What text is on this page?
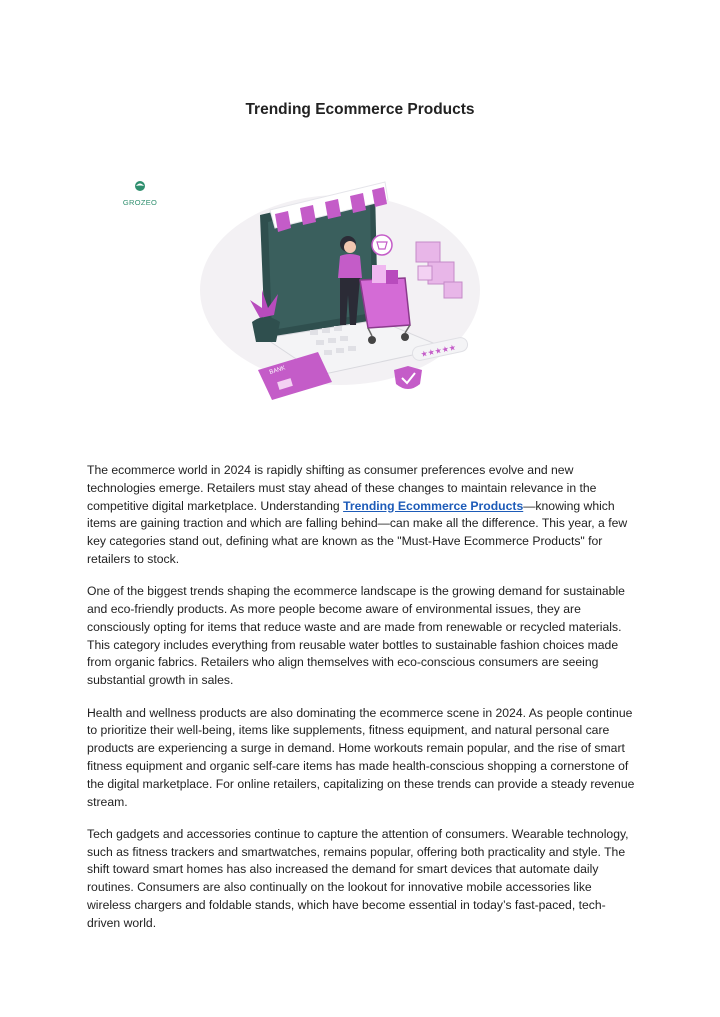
Trending Ecommerce Products
GROZEO
BANK
★★★★★

The ecommerce world in 2024 is rapidly shifting as consumer preferences evolve and new technologies emerge. Retailers must stay ahead of these changes to maintain relevance in the competitive digital marketplace. Understanding Trending Ecommerce Products—knowing which items are gaining traction and which are falling behind—can make all the difference. This year, a few key categories stand out, defining what are known as the "Must-Have Ecommerce Products" for retailers to stock.

One of the biggest trends shaping the ecommerce landscape is the growing demand for sustainable and eco-friendly products. As more people become aware of environmental issues, they are consciously opting for items that reduce waste and are made from renewable or recycled materials. This category includes everything from reusable water bottles to sustainable fashion choices made from organic fabrics. Retailers who align themselves with eco-conscious consumers are seeing substantial growth in sales.

Health and wellness products are also dominating the ecommerce scene in 2024. As people continue to prioritize their well-being, items like supplements, fitness equipment, and natural personal care products are experiencing a surge in demand. Home workouts remain popular, and the rise of smart fitness equipment and organic self-care items has made health-conscious shopping a cornerstone of the digital marketplace. For online retailers, capitalizing on these trends can provide a steady revenue stream.

Tech gadgets and accessories continue to capture the attention of consumers. Wearable technology, such as fitness trackers and smartwatches, remains popular, offering both practicality and style. The shift toward smart homes has also increased the demand for smart devices that automate daily routines. Consumers are also continually on the lookout for innovative mobile accessories like wireless chargers and foldable stands, which have become essential in today’s fast-paced, tech-driven world.
